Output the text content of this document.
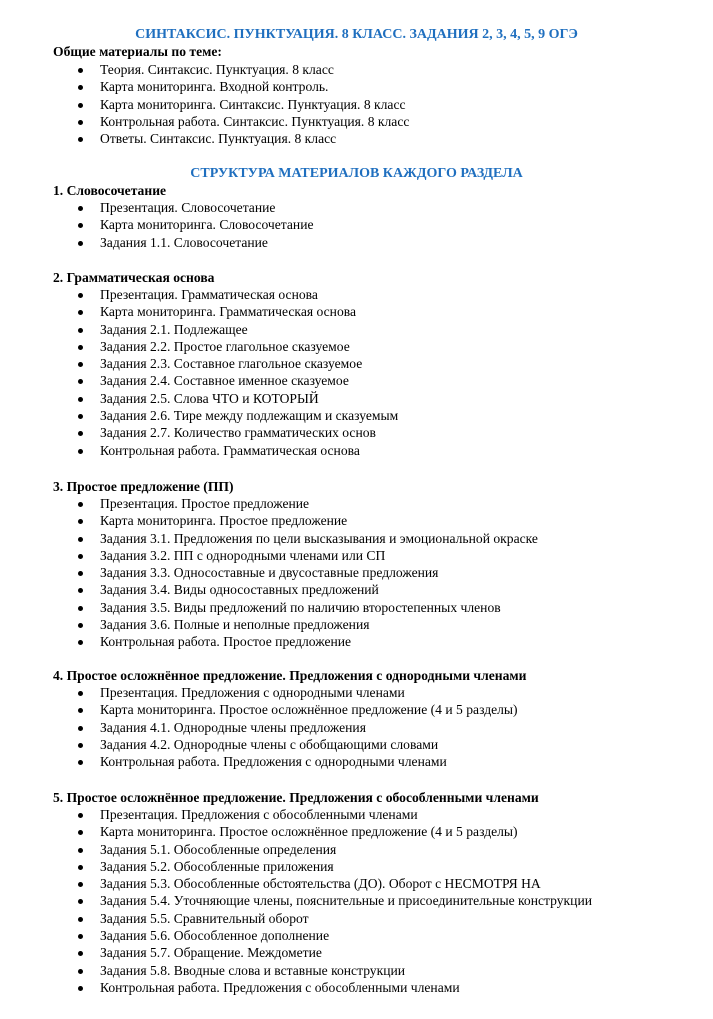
СИНТАКСИС. ПУНКТУАЦИЯ. 8 КЛАСС. ЗАДАНИЯ 2, 3, 4, 5, 9 ОГЭ
Общие материалы по теме:
Теория. Синтаксис. Пунктуация. 8 класс
Карта мониторинга. Входной контроль.
Карта мониторинга. Синтаксис. Пунктуация. 8 класс
Контрольная работа. Синтаксис. Пунктуация. 8 класс
Ответы. Синтаксис. Пунктуация. 8 класс
СТРУКТУРА МАТЕРИАЛОВ КАЖДОГО РАЗДЕЛА
1. Словосочетание
Презентация. Словосочетание
Карта мониторинга. Словосочетание
Задания 1.1. Словосочетание
2. Грамматическая основа
Презентация. Грамматическая основа
Карта мониторинга. Грамматическая основа
Задания 2.1. Подлежащее
Задания 2.2. Простое глагольное сказуемое
Задания 2.3. Составное глагольное сказуемое
Задания 2.4. Составное именное сказуемое
Задания 2.5. Слова ЧТО и КОТОРЫЙ
Задания 2.6. Тире между подлежащим и сказуемым
Задания 2.7. Количество грамматических основ
Контрольная работа. Грамматическая основа
3. Простое предложение (ПП)
Презентация. Простое предложение
Карта мониторинга. Простое предложение
Задания 3.1. Предложения по цели высказывания и эмоциональной окраске
Задания 3.2. ПП с однородными членами или СП
Задания 3.3. Односоставные и двусоставные предложения
Задания 3.4. Виды односоставных предложений
Задания 3.5. Виды предложений по наличию второстепенных членов
Задания 3.6. Полные и неполные предложения
Контрольная работа. Простое предложение
4. Простое осложнённое предложение. Предложения с однородными членами
Презентация. Предложения с однородными членами
Карта мониторинга. Простое осложнённое предложение (4 и 5 разделы)
Задания 4.1. Однородные члены предложения
Задания 4.2. Однородные члены с обобщающими словами
Контрольная работа. Предложения с однородными членами
5. Простое осложнённое предложение. Предложения с обособленными членами
Презентация. Предложения с обособленными членами
Карта мониторинга. Простое осложнённое предложение (4 и 5 разделы)
Задания 5.1. Обособленные определения
Задания 5.2. Обособленные приложения
Задания 5.3. Обособленные обстоятельства (ДО). Оборот с НЕСМОТРЯ НА
Задания 5.4. Уточняющие члены, пояснительные и присоединительные конструкции
Задания 5.5. Сравнительный оборот
Задания 5.6. Обособленное дополнение
Задания 5.7. Обращение. Междометие
Задания 5.8. Вводные слова и вставные конструкции
Контрольная работа. Предложения с обособленными членами
